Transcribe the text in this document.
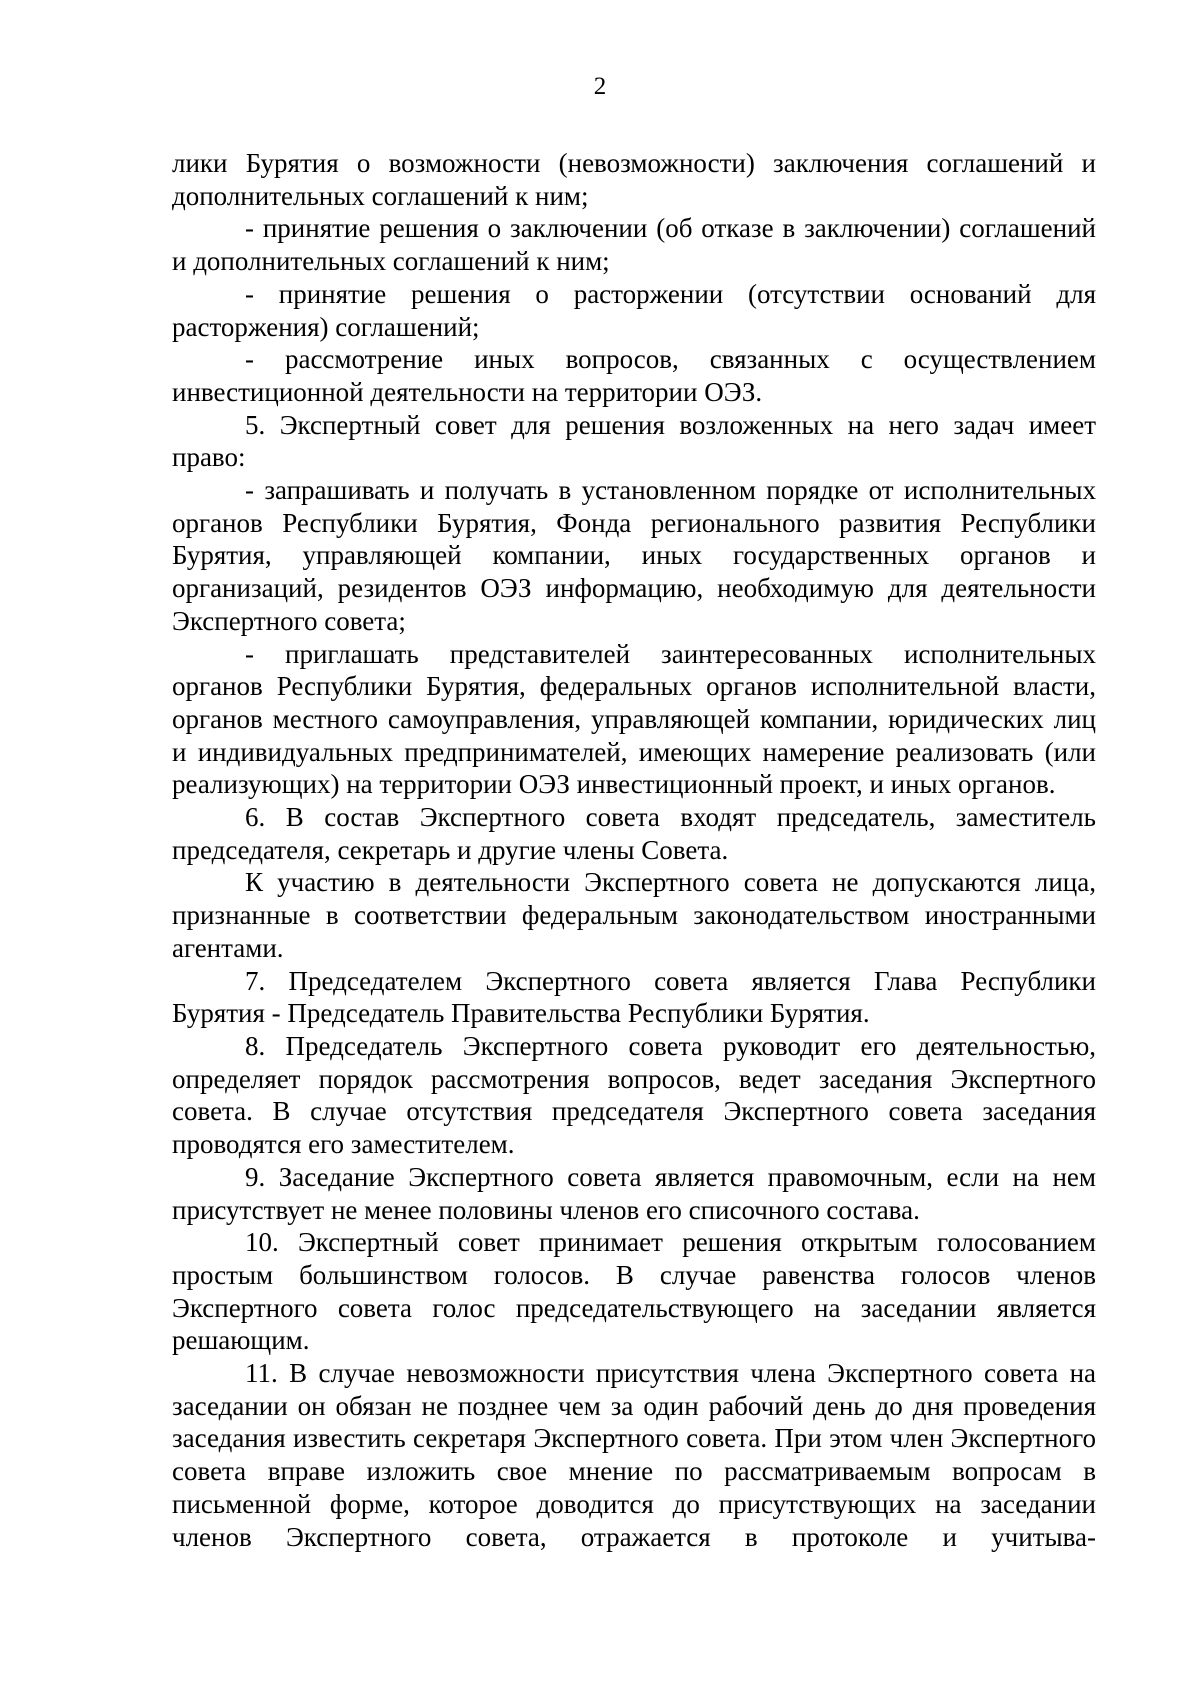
2

лики Бурятия о возможности (невозможности) заключения соглашений и дополнительных соглашений к ним;

- принятие решения о заключении (об отказе в заключении) соглашений и дополнительных соглашений к ним;

- принятие решения о расторжении (отсутствии оснований для расторжения) соглашений;

- рассмотрение иных вопросов, связанных с осуществлением инвестиционной деятельности на территории ОЭЗ.

5. Экспертный совет для решения возложенных на него задач имеет право:

- запрашивать и получать в установленном порядке от исполнительных органов Республики Бурятия, Фонда регионального развития Республики Бурятия, управляющей компании, иных государственных органов и организаций, резидентов ОЭЗ информацию, необходимую для деятельности Экспертного совета;

- приглашать представителей заинтересованных исполнительных органов Республики Бурятия, федеральных органов исполнительной власти, органов местного самоуправления, управляющей компании, юридических лиц и индивидуальных предпринимателей, имеющих намерение реализовать (или реализующих) на территории ОЭЗ инвестиционный проект, и иных органов.

6. В состав Экспертного совета входят председатель, заместитель председателя, секретарь и другие члены Совета.

К участию в деятельности Экспертного совета не допускаются лица, признанные в соответствии федеральным законодательством иностранными агентами.

7. Председателем Экспертного совета является Глава Республики Бурятия - Председатель Правительства Республики Бурятия.

8. Председатель Экспертного совета руководит его деятельностью, определяет порядок рассмотрения вопросов, ведет заседания Экспертного совета. В случае отсутствия председателя Экспертного совета заседания проводятся его заместителем.

9. Заседание Экспертного совета является правомочным, если на нем присутствует не менее половины членов его списочного состава.

10. Экспертный совет принимает решения открытым голосованием простым большинством голосов. В случае равенства голосов членов Экспертного совета голос председательствующего на заседании является решающим.

11. В случае невозможности присутствия члена Экспертного совета на заседании он обязан не позднее чем за один рабочий день до дня проведения заседания известить секретаря Экспертного совета. При этом член Экспертного совета вправе изложить свое мнение по рассматриваемым вопросам в письменной форме, которое доводится до присутствующих на заседании членов Экспертного совета, отражается в протоколе и учитыва-
